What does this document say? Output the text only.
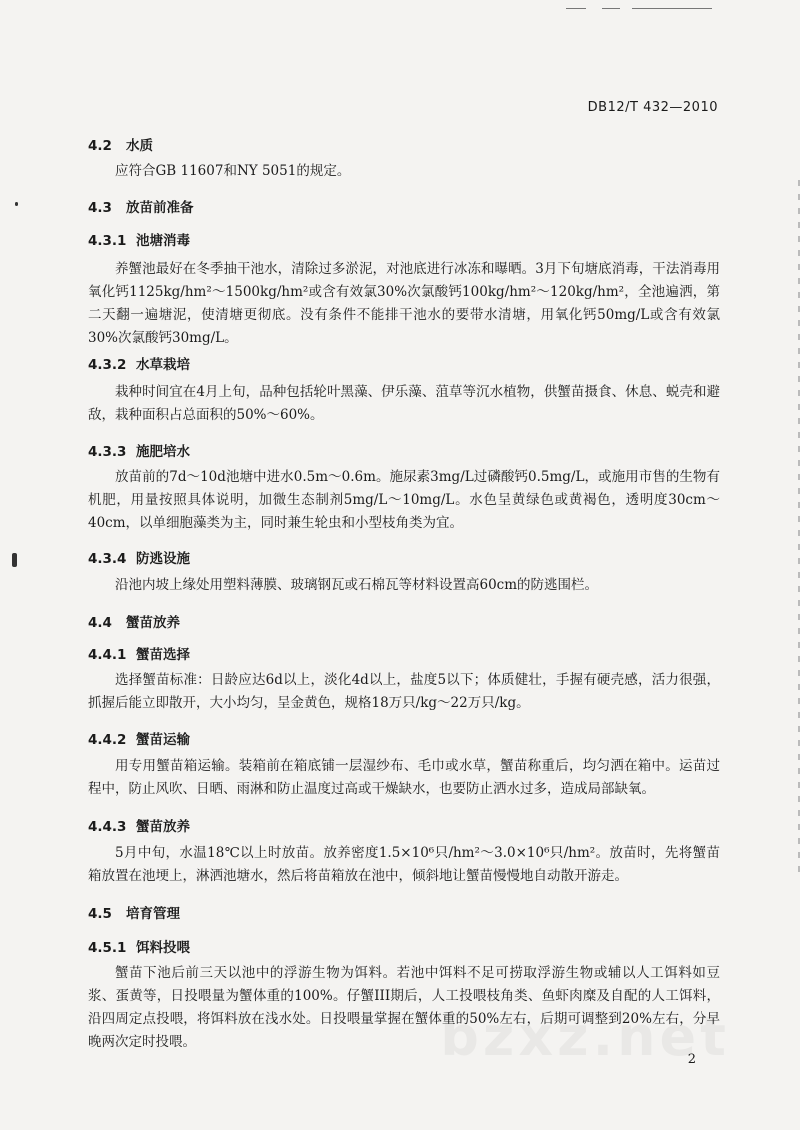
DB12/T 432—2010
4.2 水质

应符合GB 11607和NY 5051的规定。

4.3 放苗前准备
4.3.1 池塘消毒

养蟹池最好在冬季抽干池水，清除过多淤泥，对池底进行冰冻和曝晒。3月下旬塘底消毒，干法消毒用氧化钙1125kg/hm²～1500kg/hm²或含有效氯30%次氯酸钙100kg/hm²～120kg/hm²，全池遍洒，第二天翻一遍塘泥，使清塘更彻底。没有条件不能排干池水的要带水清塘，用氧化钙50mg/L或含有效氯30%次氯酸钙30mg/L。

4.3.2 水草栽培

栽种时间宜在4月上旬，品种包括轮叶黑藻、伊乐藻、菹草等沉水植物，供蟹苗摄食、休息、蜕壳和避敌，栽种面积占总面积的50%～60%。

4.3.3 施肥培水

放苗前的7d～10d池塘中进水0.5m～0.6m。施尿素3mg/L过磷酸钙0.5mg/L，或施用市售的生物有机肥，用量按照具体说明，加微生态制剂5mg/L～10mg/L。水色呈黄绿色或黄褐色，透明度30cm～40cm，以单细胞藻类为主，同时兼生轮虫和小型枝角类为宜。

4.3.4 防逃设施

沿池内坡上缘处用塑料薄膜、玻璃钢瓦或石棉瓦等材料设置高60cm的防逃围栏。

4.4 蟹苗放养
4.4.1 蟹苗选择

选择蟹苗标准：日龄应达6d以上，淡化4d以上，盐度5以下；体质健壮，手握有硬壳感，活力很强，抓握后能立即散开，大小均匀，呈金黄色，规格18万只/kg～22万只/kg。

4.4.2 蟹苗运输

用专用蟹苗箱运输。装箱前在箱底铺一层湿纱布、毛巾或水草，蟹苗称重后，均匀洒在箱中。运苗过程中，防止风吹、日晒、雨淋和防止温度过高或干燥缺水，也要防止洒水过多，造成局部缺氧。

4.4.3 蟹苗放养

5月中旬，水温18℃以上时放苗。放养密度1.5×10⁶只/hm²～3.0×10⁶只/hm²。放苗时，先将蟹苗箱放置在池埂上，淋洒池塘水，然后将苗箱放在池中，倾斜地让蟹苗慢慢地自动散开游走。

4.5 培育管理
4.5.1 饵料投喂

蟹苗下池后前三天以池中的浮游生物为饵料。若池中饵料不足可捞取浮游生物或辅以人工饵料如豆浆、蛋黄等，日投喂量为蟹体重的100%。仔蟹III期后，人工投喂枝角类、鱼虾肉糜及自配的人工饵料，沿四周定点投喂，将饵料放在浅水处。日投喂量掌握在蟹体重的50%左右，后期可调整到20%左右，分早晚两次定时投喂。

2
